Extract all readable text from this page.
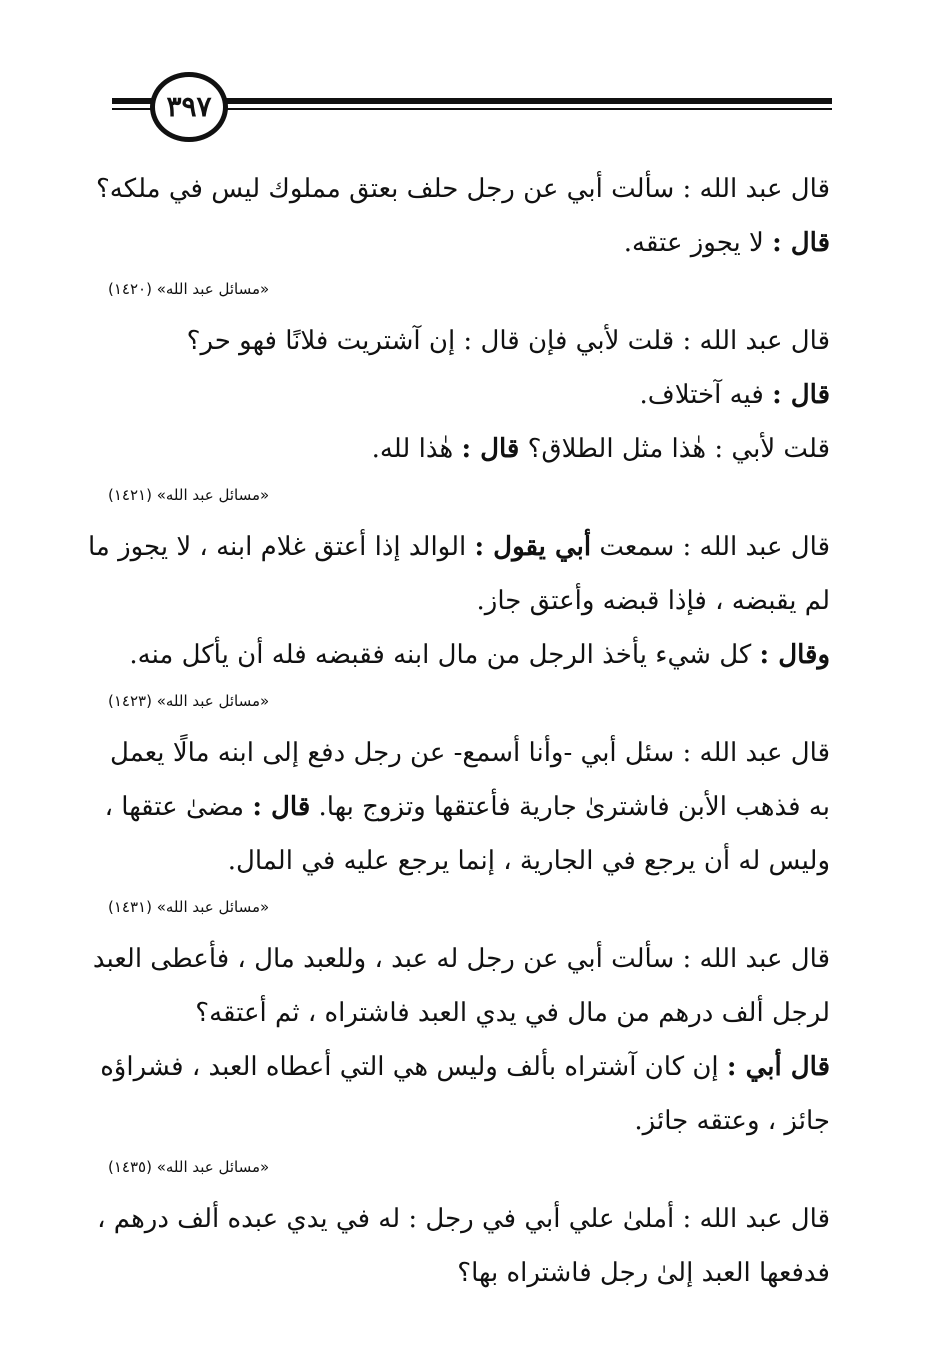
٣٩٧
قال عبد الله : سألت أبي عن رجل حلف بعتق مملوك ليس في ملكه؟
قال : لا يجوز عتقه.
«مسائل عبد الله» (١٤٢٠)
قال عبد الله : قلت لأبي فإن قال : إن آشتريت فلانًا فهو حر؟
قال : فيه آختلاف.
قلت لأبي : هٰذا مثل الطلاق؟ قال : هٰذا لله.
«مسائل عبد الله» (١٤٢١)
قال عبد الله : سمعت أبي يقول : الوالد إذا أعتق غلام ابنه ، لا يجوز ما
لم يقبضه ، فإذا قبضه وأعتق جاز.
وقال : كل شيء يأخذ الرجل من مال ابنه فقبضه فله أن يأكل منه.
«مسائل عبد الله» (١٤٢٣)
قال عبد الله : سئل أبي -وأنا أسمع- عن رجل دفع إلى ابنه مالًا يعمل
به فذهب الأبن فاشترىٰ جارية فأعتقها وتزوج بها. قال : مضىٰ عتقها ،
وليس له أن يرجع في الجارية ، إنما يرجع عليه في المال.
«مسائل عبد الله» (١٤٣١)
قال عبد الله : سألت أبي عن رجل له عبد ، وللعبد مال ، فأعطى العبد
لرجل ألف درهم من مال في يدي العبد فاشتراه ، ثم أعتقه؟
قال أبي : إن كان آشتراه بألف وليس هي التي أعطاه العبد ، فشراؤه
جائز ، وعتقه جائز.
«مسائل عبد الله» (١٤٣٥)
قال عبد الله : أملىٰ علي أبي في رجل : له في يدي عبده ألف درهم ،
فدفعها العبد إلىٰ رجل فاشتراه بها؟
